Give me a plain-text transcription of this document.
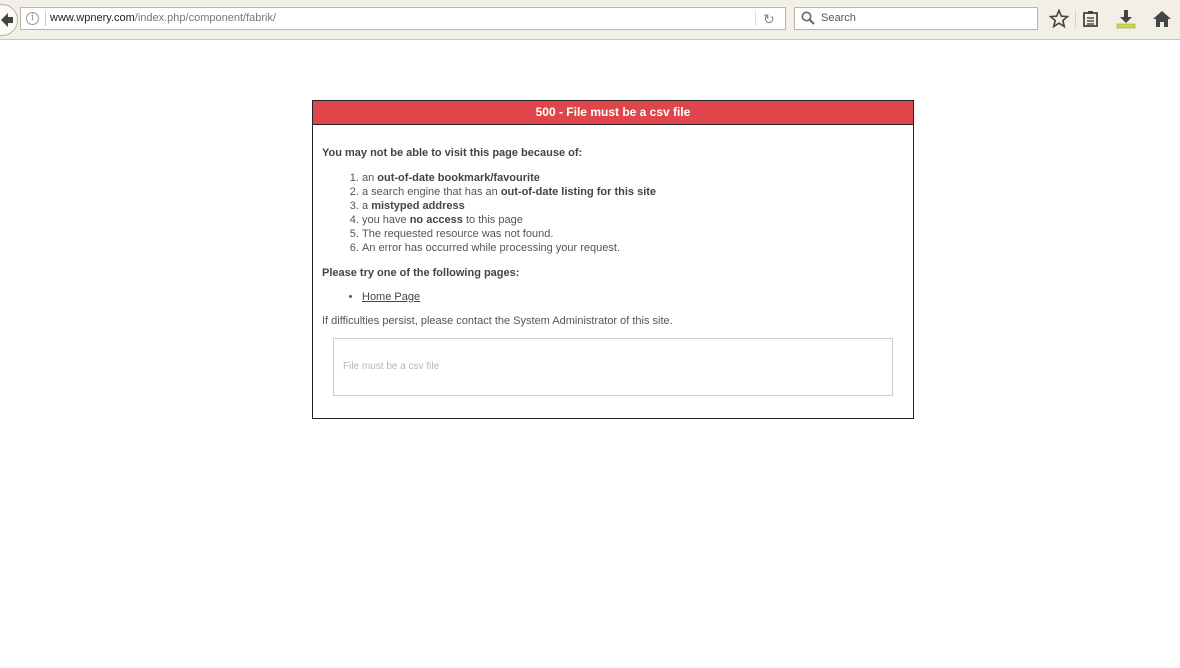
i	www.wpnery.com/index.php/component/fabrik/	↻
Search
500 - File must be a csv file

You may not be able to visit this page because of:

1. an out-of-date bookmark/favourite
2. a search engine that has an out-of-date listing for this site
3. a mistyped address
4. you have no access to this page
5. The requested resource was not found.
6. An error has occurred while processing your request.

Please try one of the following pages:

• Home Page

If difficulties persist, please contact the System Administrator of this site.

File must be a csv file
